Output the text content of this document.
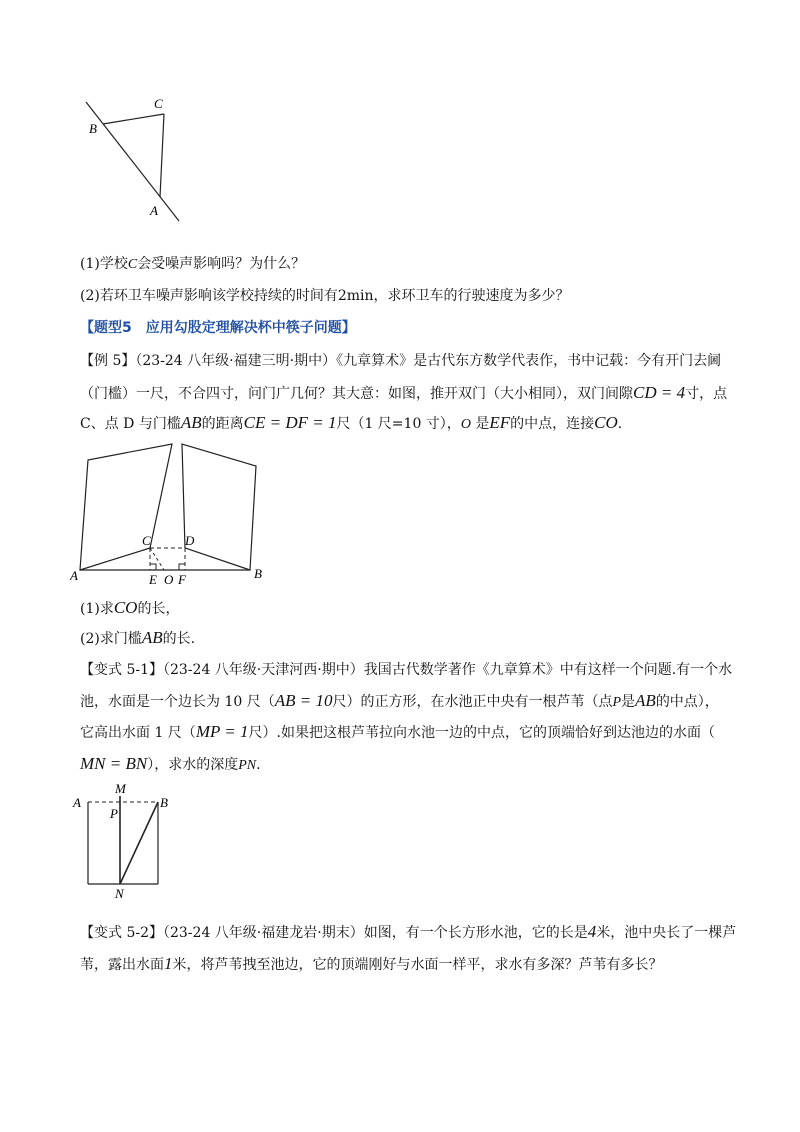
C
B
A
(1)学校C会受噪声影响吗？为什么？
(2)若环卫车噪声影响该学校持续的时间有2min，求环卫车的行驶速度为多少？
【题型5　应用勾股定理解决杯中筷子问题】
【例 5】（23-24 八年级·福建三明·期中）《九章算术》是古代东方数学代表作，书中记载：今有开门去阃
（门槛）一尺，不合四寸，问门广几何？其大意：如图，推开双门（大小相同），双门间隙CD = 4寸，点
C、点 D 与门槛AB的距离CE = DF = 1尺（1 尺=10 寸），O 是EF的中点，连接CO.
A	B
C	D
E O F
(1)求CO的长，
(2)求门槛AB的长.
【变式 5-1】（23-24 八年级·天津河西·期中）我国古代数学著作《九章算术》中有这样一个问题.有一个水
池，水面是一个边长为 10 尺（AB = 10尺）的正方形，在水池正中央有一根芦苇（点P是AB的中点），
它高出水面 1 尺（MP = 1尺）.如果把这根芦苇拉向水池一边的中点，它的顶端恰好到达池边的水面（
MN = BN），求水的深度PN.
A
M
B
P
N
【变式 5-2】（23-24 八年级·福建龙岩·期末）如图，有一个长方形水池，它的长是4米，池中央长了一棵芦
苇，露出水面1米，将芦苇拽至池边，它的顶端刚好与水面一样平，求水有多深？芦苇有多长？
